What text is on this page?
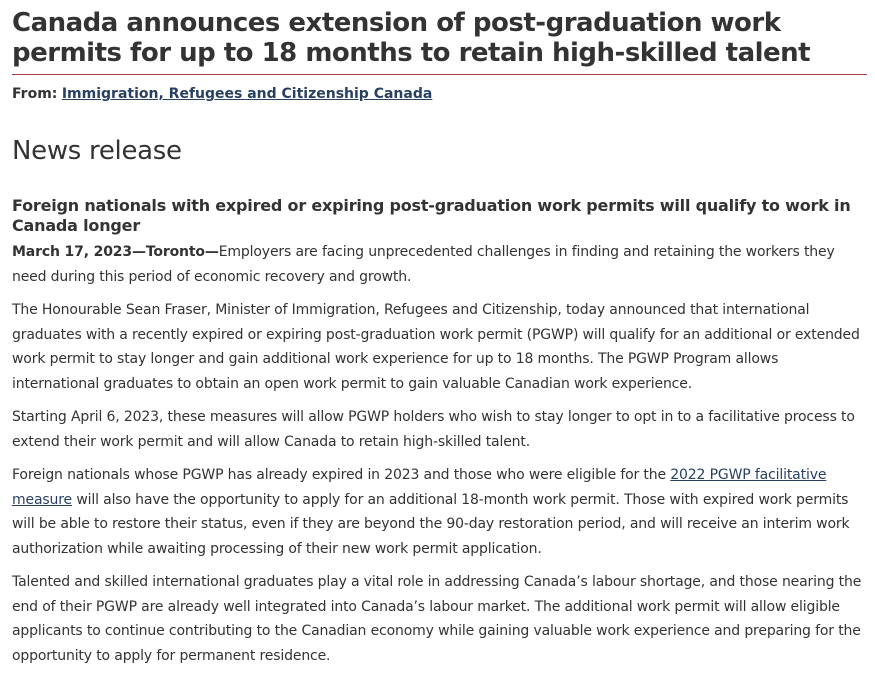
Canada announces extension of post-graduation work permits for up to 18 months to retain high-skilled talent
From: Immigration, Refugees and Citizenship Canada
News release
Foreign nationals with expired or expiring post-graduation work permits will qualify to work in Canada longer

March 17, 2023—Toronto—Employers are facing unprecedented challenges in finding and retaining the workers they need during this period of economic recovery and growth.

The Honourable Sean Fraser, Minister of Immigration, Refugees and Citizenship, today announced that international graduates with a recently expired or expiring post-graduation work permit (PGWP) will qualify for an additional or extended work permit to stay longer and gain additional work experience for up to 18 months. The PGWP Program allows international graduates to obtain an open work permit to gain valuable Canadian work experience.

Starting April 6, 2023, these measures will allow PGWP holders who wish to stay longer to opt in to a facilitative process to extend their work permit and will allow Canada to retain high-skilled talent.

Foreign nationals whose PGWP has already expired in 2023 and those who were eligible for the 2022 PGWP facilitative measure will also have the opportunity to apply for an additional 18-month work permit. Those with expired work permits will be able to restore their status, even if they are beyond the 90-day restoration period, and will receive an interim work authorization while awaiting processing of their new work permit application.

Talented and skilled international graduates play a vital role in addressing Canada’s labour shortage, and those nearing the end of their PGWP are already well integrated into Canada’s labour market. The additional work permit will allow eligible applicants to continue contributing to the Canadian economy while gaining valuable work experience and preparing for the opportunity to apply for permanent residence.
